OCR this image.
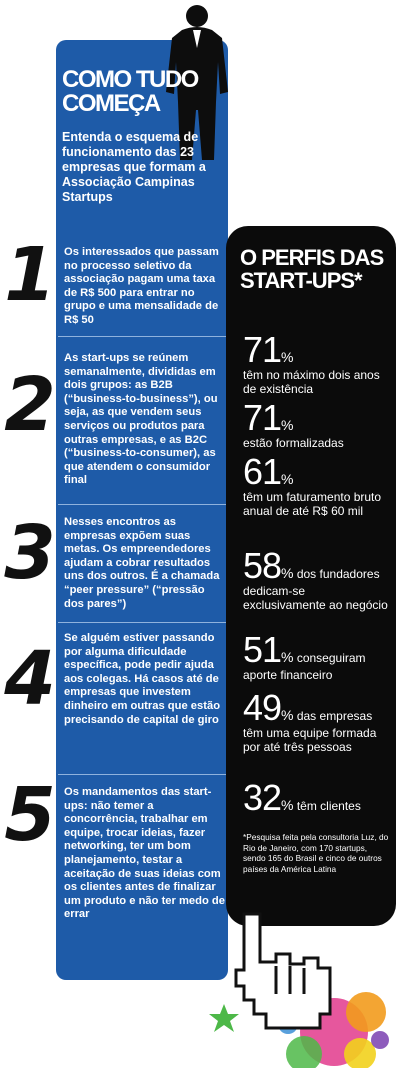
COMO TUDO
COMEÇA
Entenda o esquema de funcionamento das 23 empresas que formam a Associação Campinas Startups
1 Os interessados que passam no processo seletivo da associação pagam uma taxa de R$ 500 para entrar no grupo e uma mensalidade de R$ 50
2
As start-ups se reúnem semanalmente, divididas em dois grupos: as B2B (“business-to-business”), ou seja, as que vendem seus serviços ou produtos para outras empresas, e as B2C (“business-to-consumer), as que atendem o consumidor final
3 Nesses encontros as empresas expõem suas metas. Os empreendedores ajudam a cobrar resultados uns dos outros. É a chamada “peer pressure” (“pressão dos pares”)
4 Se alguém estiver passando por alguma dificuldade específica, pode pedir ajuda aos colegas. Há casos até de empresas que investem dinheiro em outras que estão precisando de capital de giro
5 Os mandamentos das start-ups: não temer a concorrência, trabalhar em equipe, trocar ideias, fazer networking, ter um bom planejamento, testar a aceitação de suas ideias com os clientes antes de finalizar um produto e não ter medo de errar
O PERFIS DAS
START-UPS*
71%
têm no máximo dois anos de existência
71%
estão formalizadas
61%
têm um faturamento bruto anual de até R$ 60 mil
58% dos fundadores dedicam-se exclusivamente ao negócio
51% conseguiram aporte financeiro
49% das empresas têm uma equipe formada por até três pessoas
32% têm clientes
*Pesquisa feita pela consultoria Luz, do Rio de Janeiro, com 170 startups, sendo 165 do Brasil e cinco de outros países da América Latina
